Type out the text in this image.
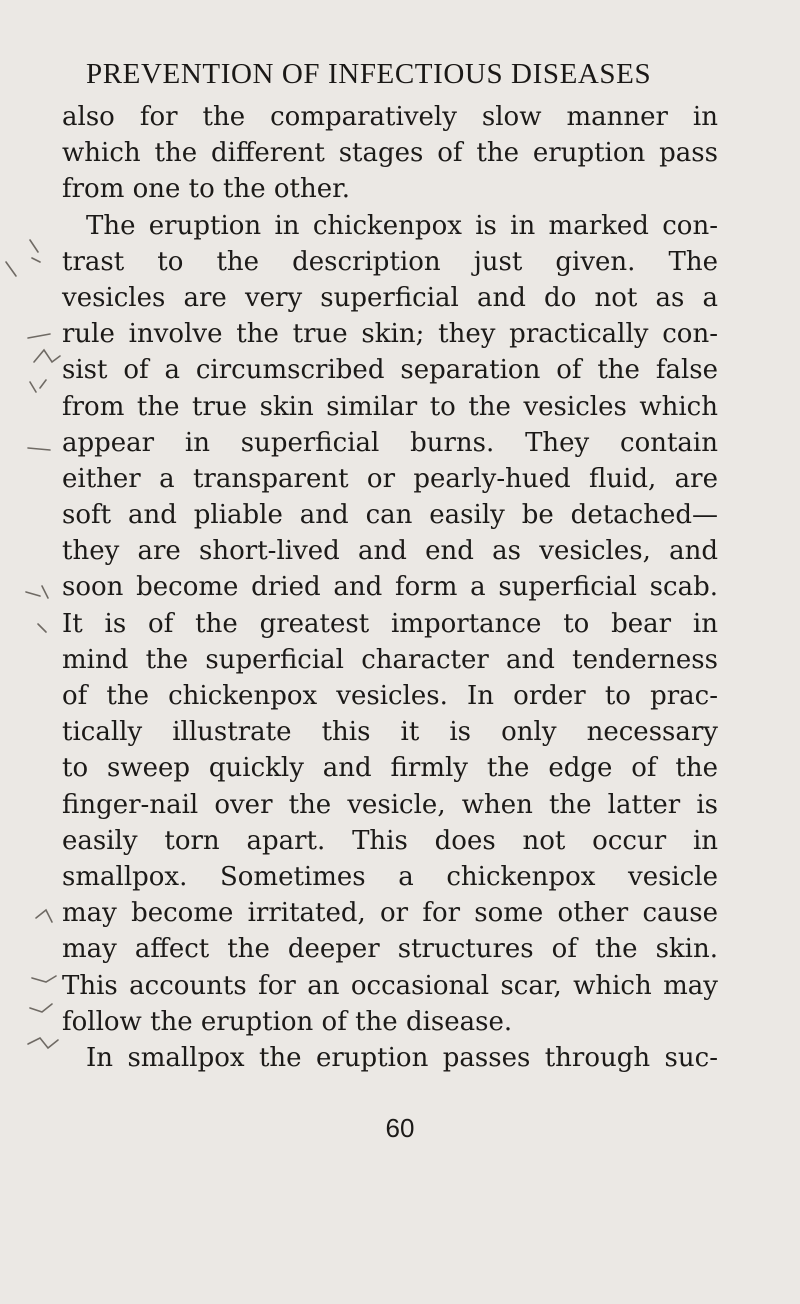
PREVENTION OF INFECTIOUS DISEASES
also for the comparatively slow manner in
which the different stages of the eruption pass
from one to the other.
The eruption in chickenpox is in marked con-
trast to the description just given. The
vesicles are very superficial and do not as a
rule involve the true skin; they practically con-
sist of a circumscribed separation of the false
from the true skin similar to the vesicles which
appear in superficial burns. They contain
either a transparent or pearly-hued fluid, are
soft and pliable and can easily be detached—
they are short-lived and end as vesicles, and
soon become dried and form a superficial scab.
It is of the greatest importance to bear in
mind the superficial character and tenderness
of the chickenpox vesicles. In order to prac-
tically illustrate this it is only necessary
to sweep quickly and firmly the edge of the
finger-nail over the vesicle, when the latter is
easily torn apart. This does not occur in
smallpox. Sometimes a chickenpox vesicle
may become irritated, or for some other cause
may affect the deeper structures of the skin.
This accounts for an occasional scar, which may
follow the eruption of the disease.
In smallpox the eruption passes through suc-
60
